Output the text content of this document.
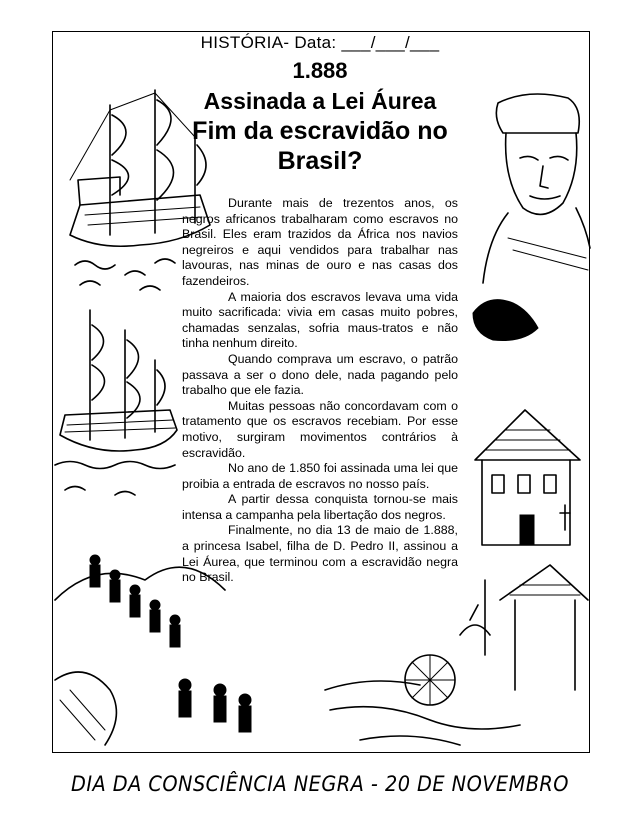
HISTÓRIA- Data: ___/___/___
1.888
Assinada a Lei Áurea
Fim da escravidão no
Brasil?

Durante mais de trezentos anos, os negros africanos trabalharam como escravos no Brasil. Eles eram trazidos da África nos navios negreiros e aqui vendidos para trabalhar nas lavouras, nas minas de ouro e nas casas dos fazendeiros.

A maioria dos escravos levava uma vida muito sacrificada: vivia em casas muito pobres, chamadas senzalas, sofria maus-tratos e não tinha nenhum direito.

Quando comprava um escravo, o patrão passava a ser o dono dele, nada pagando pelo trabalho que ele fazia.

Muitas pessoas não concordavam com o tratamento que os escravos recebiam. Por esse motivo, surgiram movimentos contrários à escravidão.

No ano de 1.850 foi assinada uma lei que proibia a entrada de escravos no nosso país.

A partir dessa conquista tornou-se mais intensa a campanha pela libertação dos negros.

Finalmente, no dia 13 de maio de 1.888, a princesa Isabel, filha de D. Pedro II, assinou a Lei Áurea, que terminou com a escravidão negra no Brasil.

DIA DA CONSCIÊNCIA NEGRA - 20 DE NOVEMBRO
